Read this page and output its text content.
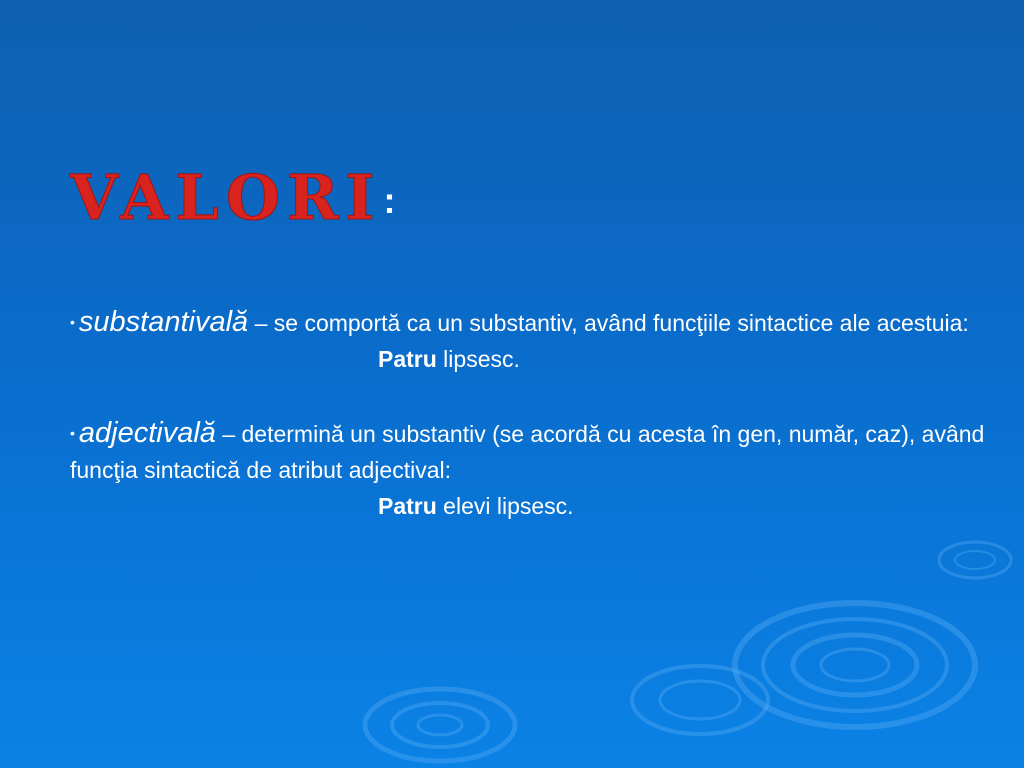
VALORI:

• substantivală – se comportă ca un substantiv, având funcţiile sintactice ale acestuia:
Patru lipsesc.

• adjectivală – determină un substantiv (se acordă cu acesta în gen, număr, caz), având funcţia sintactică de atribut adjectival:
Patru elevi lipsesc.
